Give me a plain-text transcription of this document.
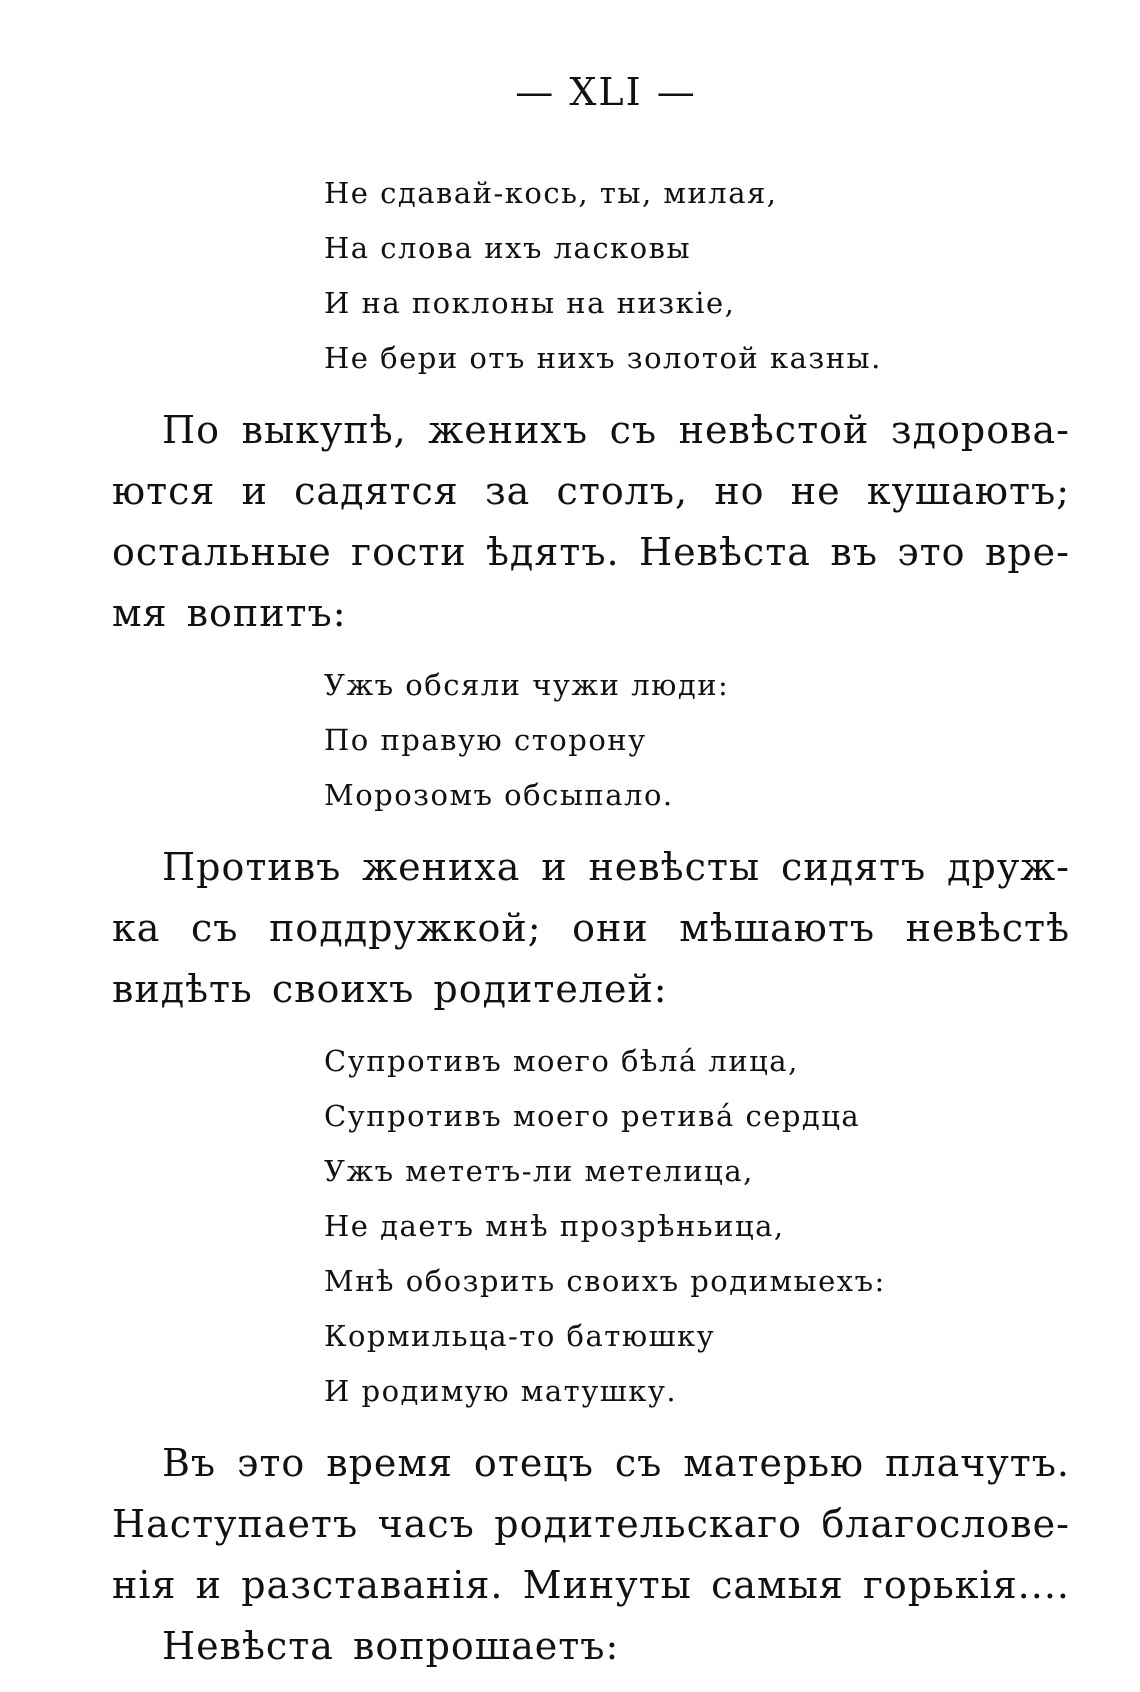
— XLI —
Не сдавай-кось, ты, милая,
На слова ихъ ласковы
И на поклоны на низкіе,
Не бери отъ нихъ золотой казны.
По выкупѣ, женихъ съ невѣстой здорова-
ются и садятся за столъ, но не кушаютъ;
остальные гости ѣдятъ. Невѣста въ это вре-
мя вопитъ:
Ужъ обсяли чужи люди:
По правую сторону
Морозомъ обсыпало.
Противъ жениха и невѣсты сидятъ друж-
ка съ поддружкой; они мѣшаютъ невѣстѣ
видѣть своихъ родителей:
Супротивъ моего бѣла́ лица,
Супротивъ моего ретива́ сердца
Ужъ мететъ-ли метелица,
Не даетъ мнѣ прозрѣньица,
Мнѣ обозрить своихъ родимыехъ:
Кормильца-то батюшку
И родимую матушку.
Въ это время отецъ съ матерью плачутъ.
Наступаетъ часъ родительскаго благослове-
нія и разставанія. Минуты самыя горькія....
Невѣста вопрошаетъ:
